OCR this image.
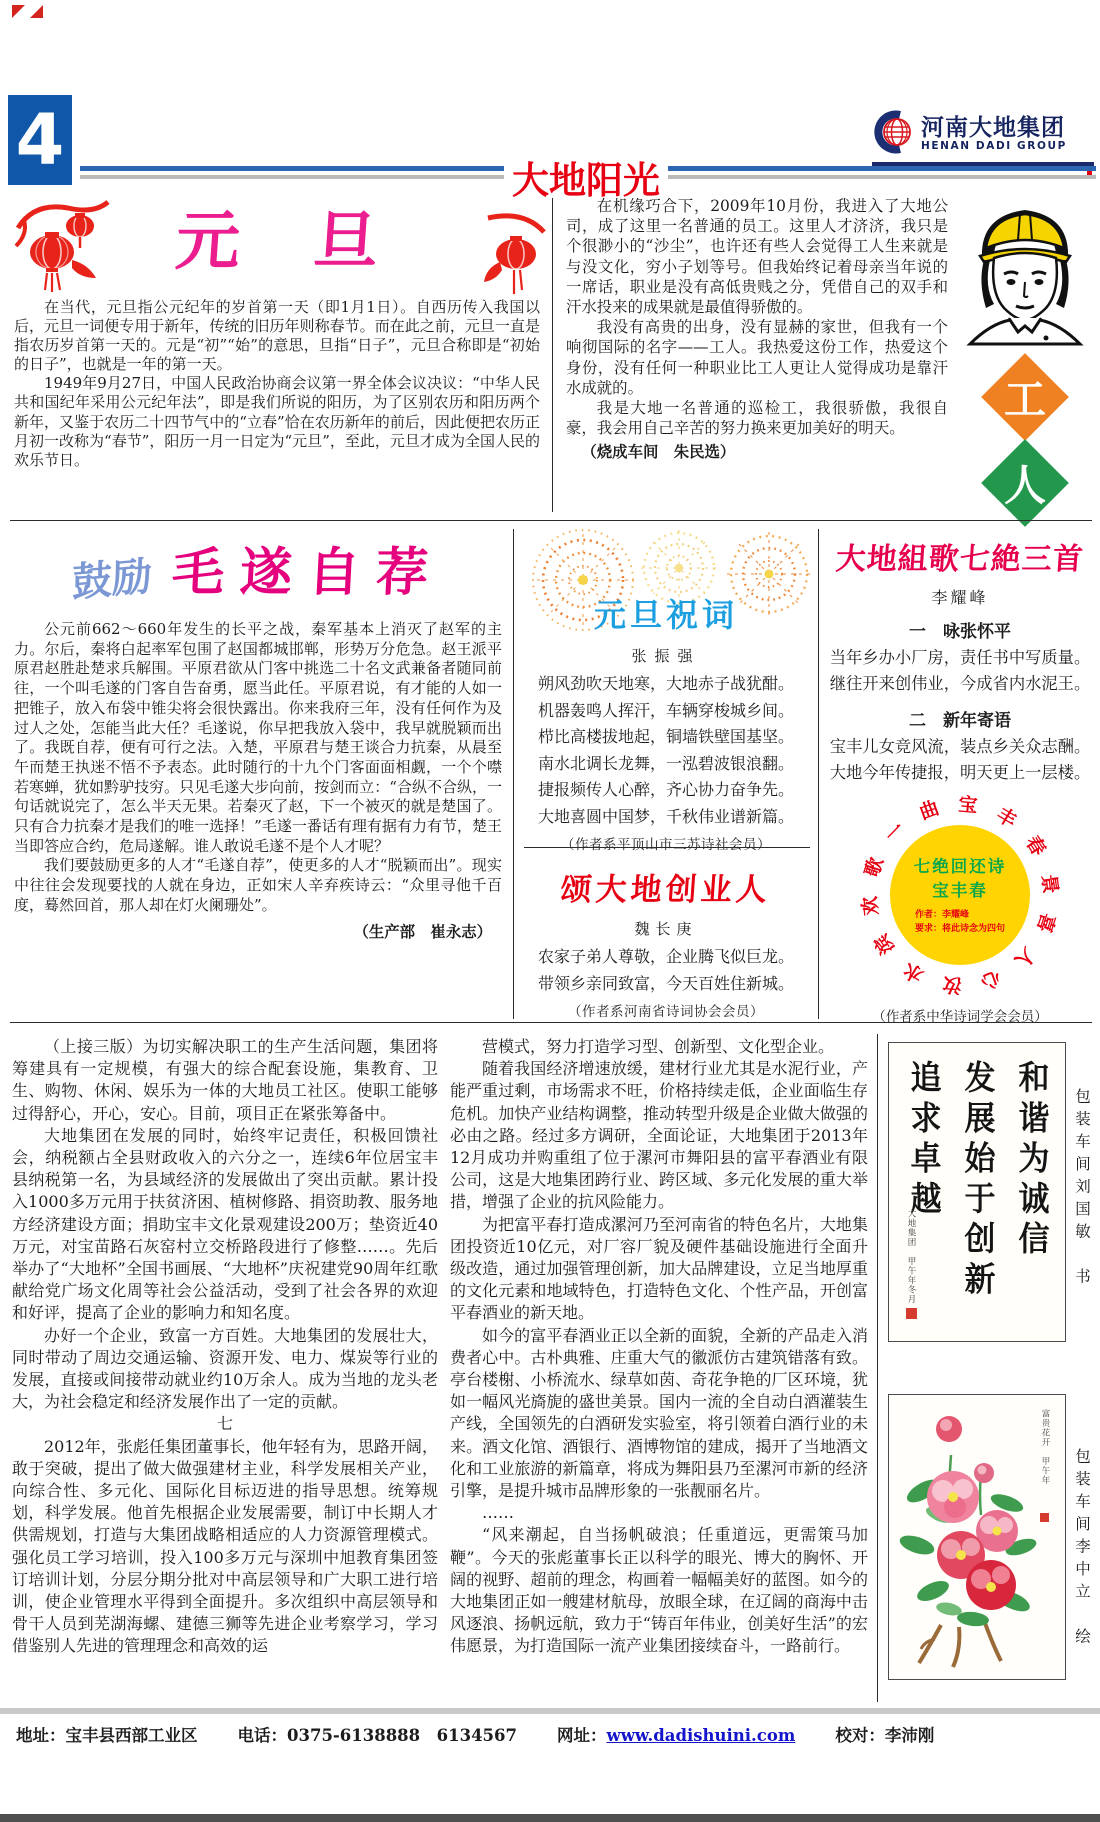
4	河南大地集团
HENAN DADI GROUP
大地阳光
元 旦

在当代，元旦指公元纪年的岁首第一天（即1月1日）。自西历传入我国以后，元旦一词便专用于新年，传统的旧历年则称春节。而在此之前，元旦一直是指农历岁首第一天的。元是“初”“始”的意思，旦指“日子”，元旦合称即是“初始的日子”，也就是一年的第一天。

1949年9月27日，中国人民政治协商会议第一界全体会议决议：“中华人民共和国纪年采用公元纪年法”，即是我们所说的阳历，为了区别农历和阳历两个新年，又鉴于农历二十四节气中的“立春”恰在农历新年的前后，因此便把农历正月初一改称为“春节”，阳历一月一日定为“元旦”，至此，元旦才成为全国人民的欢乐节日。

工
人

在机缘巧合下，2009年10月份，我进入了大地公司，成了这里一名普通的员工。这里人才济济，我只是个很渺小的“沙尘”，也许还有些人会觉得工人生来就是与没文化，穷小子划等号。但我始终记着母亲当年说的一席话，职业是没有高低贵贱之分，凭借自己的双手和汗水投来的成果就是最值得骄傲的。

我没有高贵的出身，没有显赫的家世，但我有一个响彻国际的名字——工人。我热爱这份工作，热爱这个身份，没有任何一种职业比工人更让人觉得成功是靠汗水成就的。

我是大地一名普通的巡检工，我很骄傲，我很自豪，我会用自己辛苦的努力换来更加美好的明天。

（烧成车间　朱民选）

鼓励 毛遂自荐

公元前662～660年发生的长平之战，秦军基本上消灭了赵军的主力。尔后，秦将白起率军包围了赵国都城邯郸，形势万分危急。赵王派平原君赵胜赴楚求兵解围。平原君欲从门客中挑选二十名文武兼备者随同前往，一个叫毛遂的门客自告奋勇，愿当此任。平原君说，有才能的人如一把锥子，放入布袋中锥尖将会很快露出。你来我府三年，没有任何作为及过人之处，怎能当此大任？毛遂说，你早把我放入袋中，我早就脱颖而出了。我既自荐，便有可行之法。入楚，平原君与楚王谈合力抗秦，从晨至午而楚王执迷不悟不予表态。此时随行的十九个门客面面相觑，一个个噤若寒蝉，犹如黔驴技穷。只见毛遂大步向前，按剑而立：“合纵不合纵，一句话就说完了，怎么半天无果。若秦灭了赵，下一个被灭的就是楚国了。只有合力抗秦才是我们的唯一选择！”毛遂一番话有理有据有力有节，楚王当即答应合约，危局遂解。谁人敢说毛遂不是个人才呢？

我们要鼓励更多的人才“毛遂自荐”，使更多的人才“脱颖而出”。现实中往往会发现要找的人就在身边，正如宋人辛弃疾诗云：“众里寻他千百度，蓦然回首，那人却在灯火阑珊处”。

（生产部　崔永志）

元旦祝词
张振强
朔风劲吹天地寒，大地赤子战犹酣。
机器轰鸣人挥汗，车辆穿梭城乡间。
栉比高楼拔地起，铜墙铁壁国基坚。
南水北调长龙舞，一泓碧波银浪翻。
捷报频传人心醉，齐心协力奋争先。
大地喜圆中国梦，千秋伟业谱新篇。
（作者系平顶山市三苏诗社会员）
颂大地创业人
魏长庚
农家子弟人尊敬，企业腾飞似巨龙。
带领乡亲同致富，今天百姓住新城。
（作者系河南省诗词协会会员）
大地組歌七絶三首
李耀峰
一　咏张怀平
当年乡办小厂房，责任书中写质量。
继往开来创伟业，今成省内水泥王。
二　新年寄语
宝丰儿女竞风流，装点乡关众志酬。
大地今年传捷报，明天更上一层楼。
一
曲 宝 丰
春
景
喜
人
心
汝
水
滨
欢
歌 七绝回还诗
宝丰春
作者：李耀峰
要求：将此诗念为四句
（作者系中华诗词学会会员）

（上接三版）为切实解决职工的生产生活问题，集团将筹建具有一定规模，有强大的综合配套设施，集教育、卫生、购物、休闲、娱乐为一体的大地员工社区。使职工能够过得舒心，开心，安心。目前，项目正在紧张筹备中。

大地集团在发展的同时，始终牢记责任，积极回馈社会，纳税额占全县财政收入的六分之一，连续6年位居宝丰县纳税第一名，为县域经济的发展做出了突出贡献。累计投入1000多万元用于扶贫济困、植树修路、捐资助教、服务地方经济建设方面；捐助宝丰文化景观建设200万；垫资近40万元，对宝苗路石灰窑村立交桥路段进行了修整……。先后举办了“大地杯”全国书画展、“大地杯”庆祝建党90周年红歌献给党广场文化周等社会公益活动，受到了社会各界的欢迎和好评，提高了企业的影响力和知名度。

办好一个企业，致富一方百姓。大地集团的发展壮大，同时带动了周边交通运输、资源开发、电力、煤炭等行业的发展，直接或间接带动就业约10万余人。成为当地的龙头老大，为社会稳定和经济发展作出了一定的贡献。

七

2012年，张彪任集团董事长，他年轻有为，思路开阔，敢于突破，提出了做大做强建材主业，科学发展相关产业，向综合性、多元化、国际化目标迈进的指导思想。统筹规划，科学发展。他首先根据企业发展需要，制订中长期人才供需规划，打造与大集团战略相适应的人力资源管理模式。强化员工学习培训，投入100多万元与深圳中旭教育集团签订培训计划，分层分期分批对中高层领导和广大职工进行培训，使企业管理水平得到全面提升。多次组织中高层领导和骨干人员到芜湖海螺、建德三狮等先进企业考察学习，学习借鉴别人先进的管理理念和高效的运

营模式，努力打造学习型、创新型、文化型企业。

随着我国经济增速放缓，建材行业尤其是水泥行业，产能严重过剩，市场需求不旺，价格持续走低，企业面临生存危机。加快产业结构调整，推动转型升级是企业做大做强的必由之路。经过多方调研，全面论证，大地集团于2013年12月成功并购重组了位于漯河市舞阳县的富平春酒业有限公司，这是大地集团跨行业、跨区域、多元化发展的重大举措，增强了企业的抗风险能力。

为把富平春打造成漯河乃至河南省的特色名片，大地集团投资近10亿元，对厂容厂貌及硬件基础设施进行全面升级改造，通过加强管理创新，加大品牌建设，立足当地厚重的文化元素和地域特色，打造特色文化、个性产品，开创富平春酒业的新天地。

如今的富平春酒业正以全新的面貌，全新的产品走入消费者心中。古朴典雅、庄重大气的徽派仿古建筑错落有致。亭台楼榭、小桥流水、绿草如茵、奇花争艳的厂区环境，犹如一幅风光旖旎的盛世美景。国内一流的全自动白酒灌装生产线，全国领先的白酒研发实验室，将引领着白酒行业的未来。酒文化馆、酒银行、酒博物馆的建成，揭开了当地酒文化和工业旅游的新篇章，将成为舞阳县乃至漯河市新的经济引擎，是提升城市品牌形象的一张靓丽名片。

……

“风来潮起，自当扬帆破浪；任重道远，更需策马加鞭”。今天的张彪董事长正以科学的眼光、博大的胸怀、开阔的视野、超前的理念，构画着一幅幅美好的蓝图。如今的大地集团正如一艘建材航母，放眼全球，在辽阔的商海中击风逐浪、扬帆远航，致力于“铸百年伟业，创美好生活”的宏伟愿景，为打造国际一流产业集团接续奋斗，一路前行。

和谐为诚信
发展始于创新
追求卓越
大地集团　甲午年冬月	包装车间刘国敏　书
富贵花开　甲午年
包装车间李中立　绘
地址：宝丰县西部工业区 电话：0375-6138888　6134567 网址：www.dadishuini.com 校对：李沛刚
